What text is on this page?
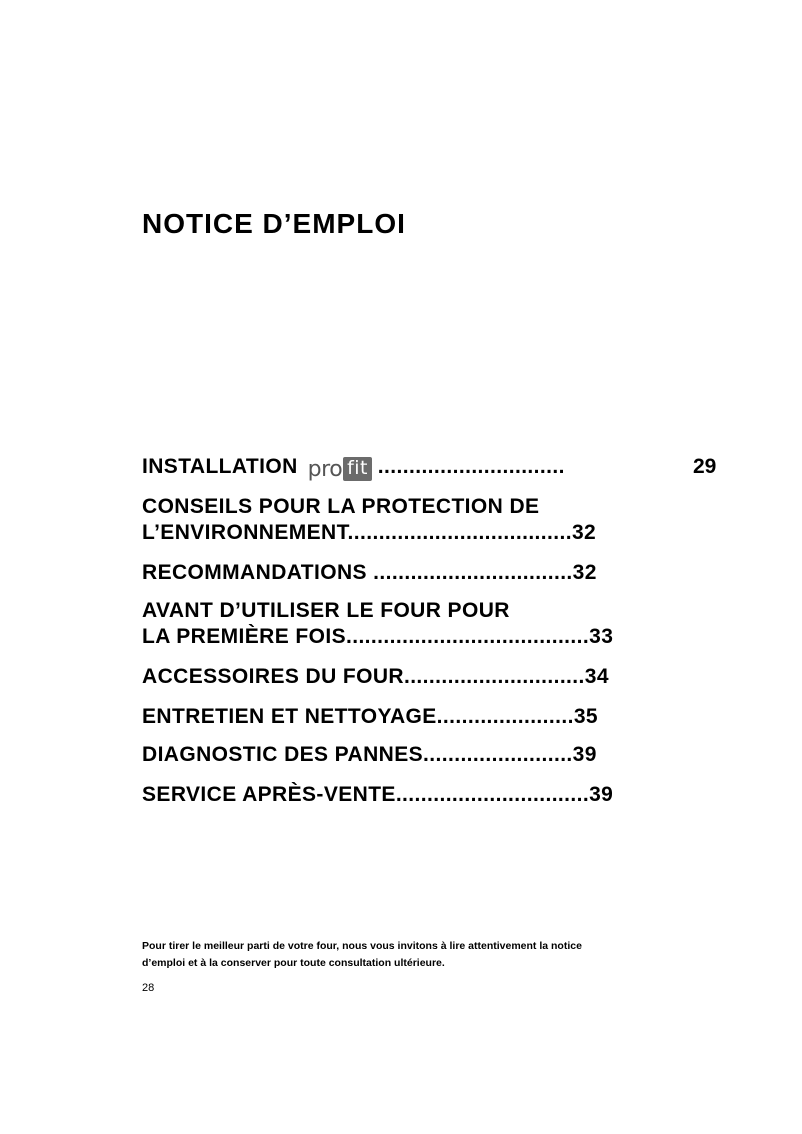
NOTICE D’EMPLOI
INSTALLATION pro fit ..............................	29
CONSEILS POUR LA PROTECTION DE
L’ENVIRONNEMENT....................................32
RECOMMANDATIONS ................................32
AVANT D’UTILISER LE FOUR POUR
LA PREMIÈRE FOIS.......................................33
ACCESSOIRES DU FOUR.............................34
ENTRETIEN ET NETTOYAGE......................35
DIAGNOSTIC DES PANNES........................39
SERVICE APRÈS-VENTE...............................39
Pour tirer le meilleur parti de votre four, nous vous invitons à lire attentivement la notice
d’emploi et à la conserver pour toute consultation ultérieure.
28
